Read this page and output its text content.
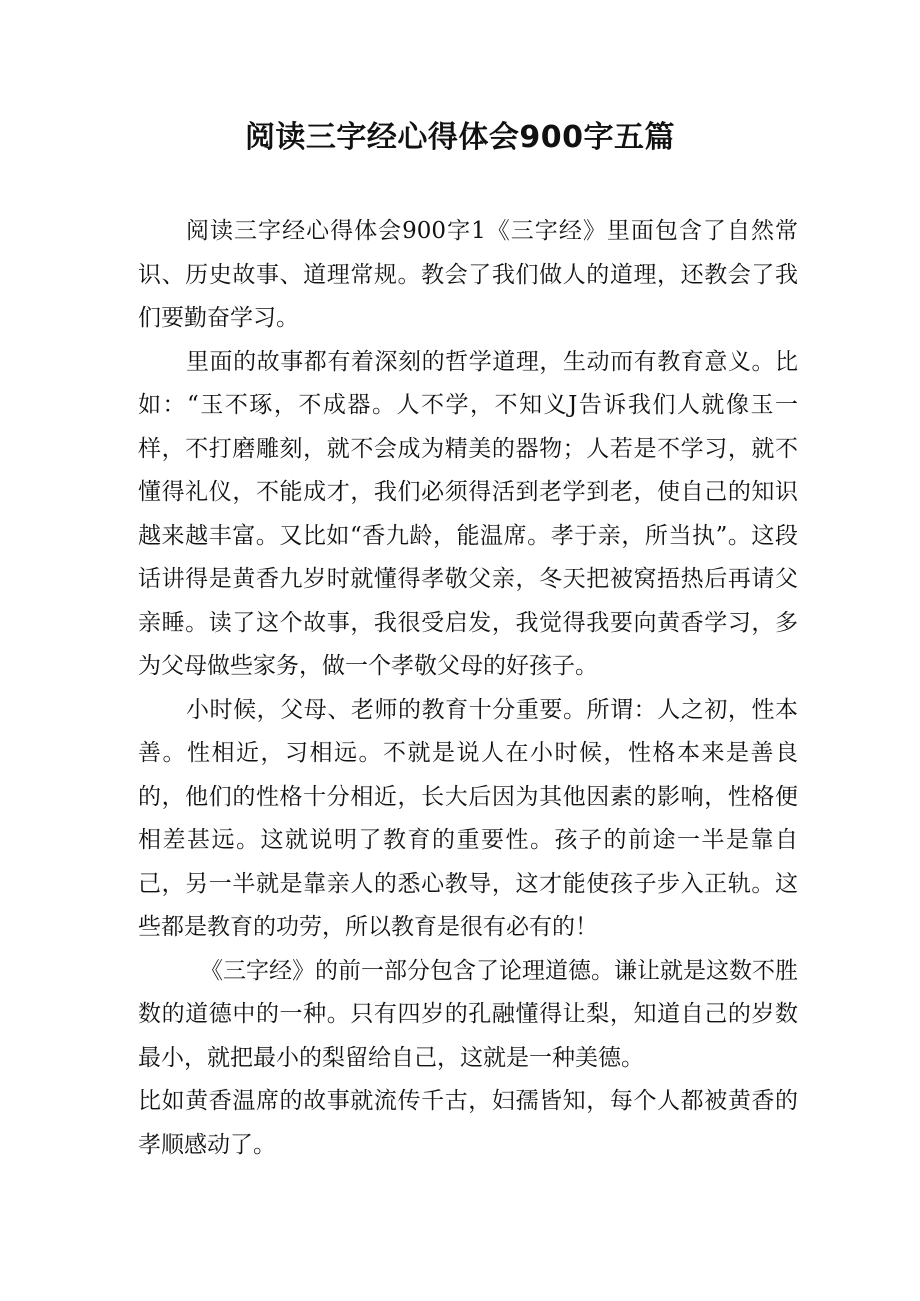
阅读三字经心得体会900字五篇

阅读三字经心得体会900字1《三字经》里面包含了自然常识、历史故事、道理常规。教会了我们做人的道理，还教会了我们要勤奋学习。

里面的故事都有着深刻的哲学道理，生动而有教育意义。比如：“玉不琢，不成器。人不学，不知义J告诉我们人就像玉一样，不打磨雕刻，就不会成为精美的器物；人若是不学习，就不懂得礼仪，不能成才，我们必须得活到老学到老，使自己的知识越来越丰富。又比如“香九龄，能温席。孝于亲，所当执”。这段话讲得是黄香九岁时就懂得孝敬父亲，冬天把被窝捂热后再请父亲睡。读了这个故事，我很受启发，我觉得我要向黄香学习，多为父母做些家务，做一个孝敬父母的好孩子。

小时候，父母、老师的教育十分重要。所谓：人之初，性本善。性相近，习相远。不就是说人在小时候，性格本来是善良的，他们的性格十分相近，长大后因为其他因素的影响，性格便相差甚远。这就说明了教育的重要性。孩子的前途一半是靠自己，另一半就是靠亲人的悉心教导，这才能使孩子步入正轨。这些都是教育的功劳，所以教育是很有必有的！

《三字经》的前一部分包含了论理道德。谦让就是这数不胜数的道德中的一种。只有四岁的孔融懂得让梨，知道自己的岁数最小，就把最小的梨留给自己，这就是一种美德。

比如黄香温席的故事就流传千古，妇孺皆知，每个人都被黄香的孝顺感动了。
